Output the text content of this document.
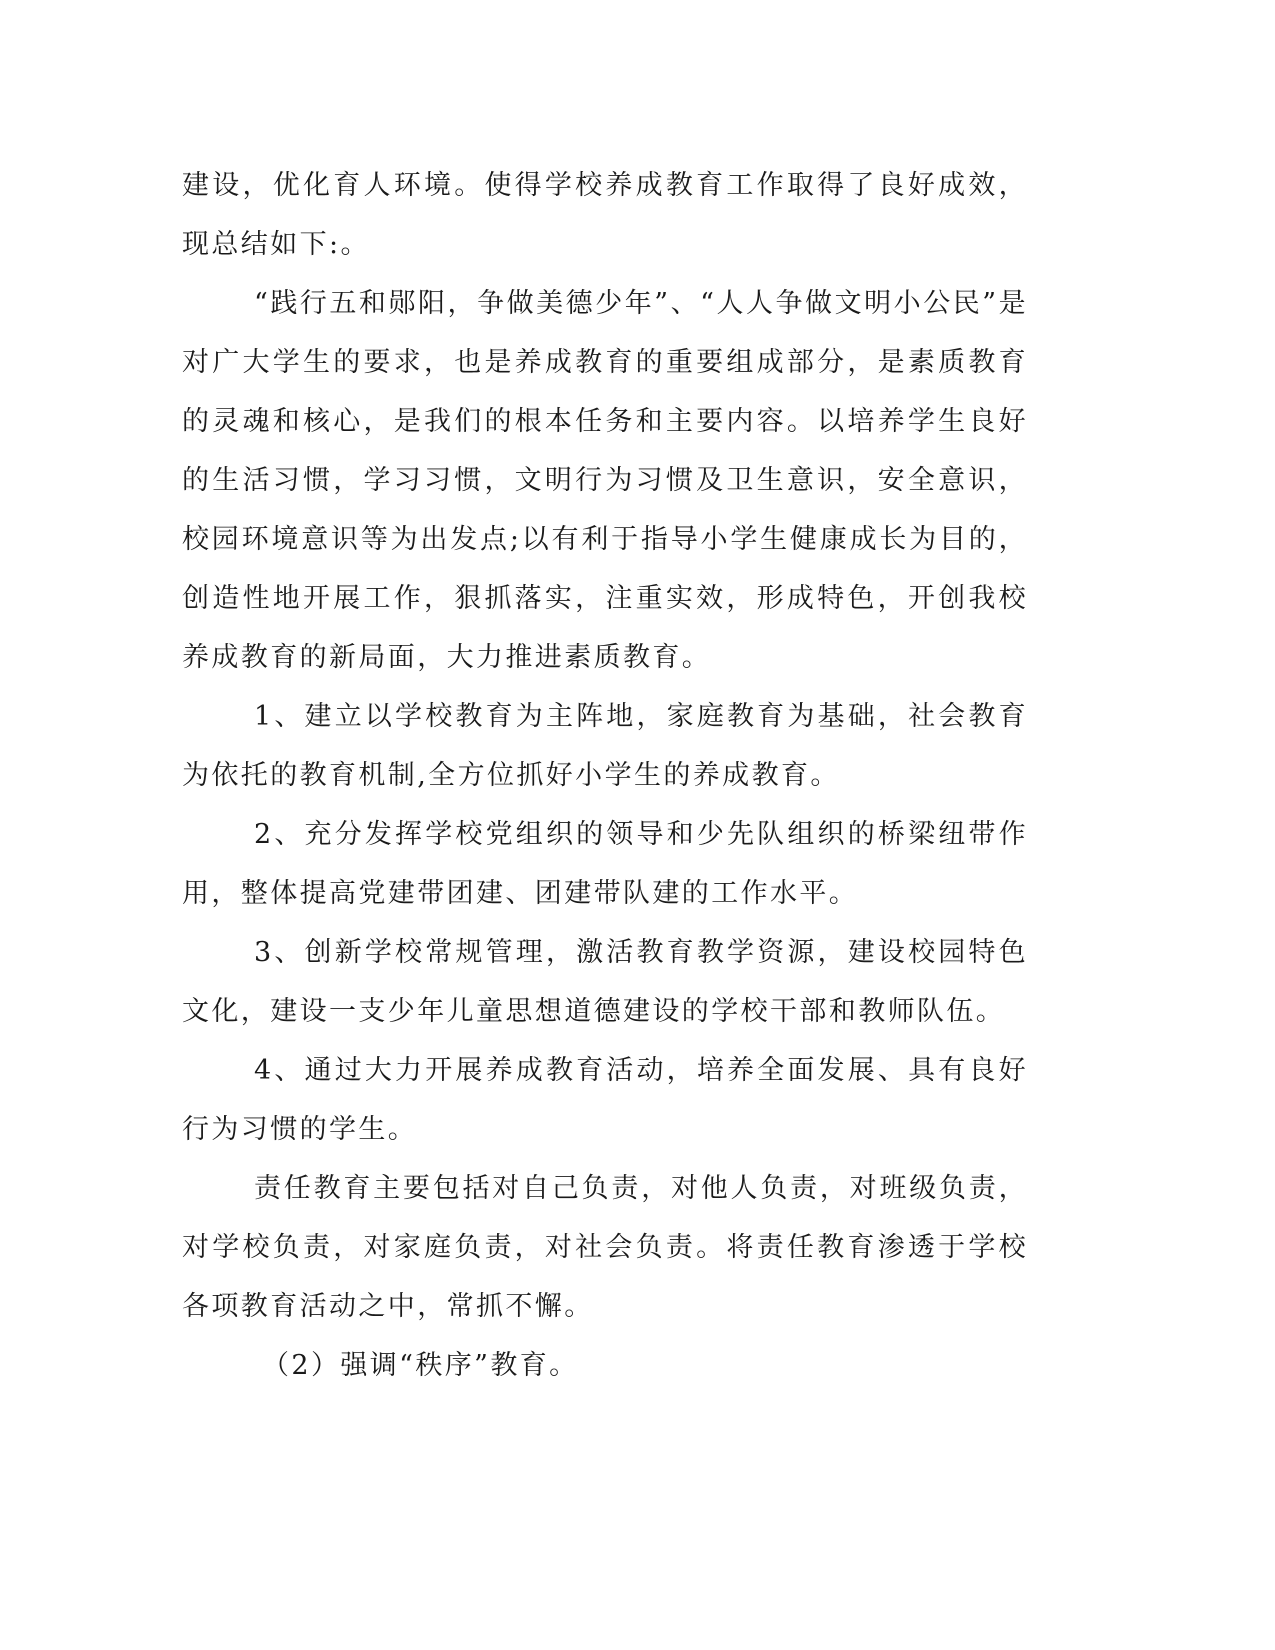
建设，优化育人环境。使得学校养成教育工作取得了良好成效，现总结如下:。

“践行五和郧阳，争做美德少年”、“人人争做文明小公民”是对广大学生的要求，也是养成教育的重要组成部分，是素质教育的灵魂和核心，是我们的根本任务和主要内容。以培养学生良好的生活习惯，学习习惯，文明行为习惯及卫生意识，安全意识，校园环境意识等为出发点;以有利于指导小学生健康成长为目的，创造性地开展工作，狠抓落实，注重实效，形成特色，开创我校养成教育的新局面，大力推进素质教育。

1、建立以学校教育为主阵地，家庭教育为基础，社会教育为依托的教育机制,全方位抓好小学生的养成教育。

2、充分发挥学校党组织的领导和少先队组织的桥梁纽带作用，整体提高党建带团建、团建带队建的工作水平。

3、创新学校常规管理，激活教育教学资源，建设校园特色文化，建设一支少年儿童思想道德建设的学校干部和教师队伍。

4、通过大力开展养成教育活动，培养全面发展、具有良好行为习惯的学生。

责任教育主要包括对自己负责，对他人负责，对班级负责，对学校负责，对家庭负责，对社会负责。将责任教育渗透于学校各项教育活动之中，常抓不懈。

（2）强调“秩序”教育。
